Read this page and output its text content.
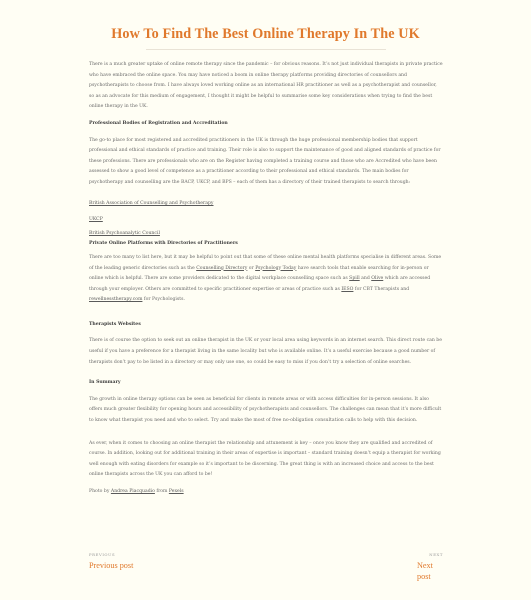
How To Find The Best Online Therapy In The UK

There is a much greater uptake of online remote therapy since the pandemic – for obvious reasons. It’s not just individual therapists in private practice who have embraced the online space. You may have noticed a boom in online therapy platforms providing directories of counsellors and psychotherapists to choose from. I have always loved working online as an international HR practitioner as well as a psychotherapist and counsellor, so as an advocate for this medium of engagement, I thought it might be helpful to summarise some key considerations when trying to find the best online therapy in the UK.

Professional Bodies of Registration and Accreditation

The go-to place for most registered and accredited practitioners in the UK is through the huge professional membership bodies that support professional and ethical standards of practice and training. Their role is also to support the maintenance of good and aligned standards of practice for these professions. There are professionals who are on the Register having completed a training course and those who are Accredited who have been assessed to show a good level of competence as a practitioner according to their professional and ethical standards. The main bodies for psychotherapy and counselling are the BACP, UKCP, and BPS – each of them has a directory of their trained therapists to search through:

British Association of Counselling and Psychotherapy

UKCP

British Psychoanalytic Council

Private Online Platforms with Directories of Practitioners

There are too many to list here, but it may be helpful to point out that some of these online mental health platforms specialise in different areas. Some of the leading generic directories such as the Counselling Directory or Psychology Today have search tools that enable searching for in-person or online which is helpful. There are some providers dedicated to the digital workplace counselling space such as Spill and Olive which are accessed through your employer. Others are committed to specific practitioner expertise or areas of practice such as IESO for CBT Therapists and rewellnesstherapy.com for Psychologists.

Therapists Websites

There is of course the option to seek out an online therapist in the UK or your local area using keywords in an internet search. This direct route can be useful if you have a preference for a therapist living in the same locality but who is available online. It’s a useful exercise because a good number of therapists don’t pay to be listed in a directory or may only use one, so could be easy to miss if you don’t try a selection of online searches.

In Summary

The growth in online therapy options can be seen as beneficial for clients in remote areas or with access difficulties for in-person sessions. It also offers much greater flexibility for opening hours and accessibility of psychotherapists and counsellors. The challenges can mean that it’s more difficult to know what therapist you need and who to select. Try and make the most of free no-obligation consultation calls to help with this decision.

As ever, when it comes to choosing an online therapist the relationship and attunement is key – once you know they are qualified and accredited of course. In addition, looking out for additional training in their areas of expertise is important – standard training doesn’t equip a therapist for working well enough with eating disorders for example so it’s important to be discerning. The great thing is with an increased choice and access to the best online therapists across the UK you can afford to be!

Photo by Andrea Piacquadio from Pexels

PREVIOUS
Previous post
NEXT
Next post
